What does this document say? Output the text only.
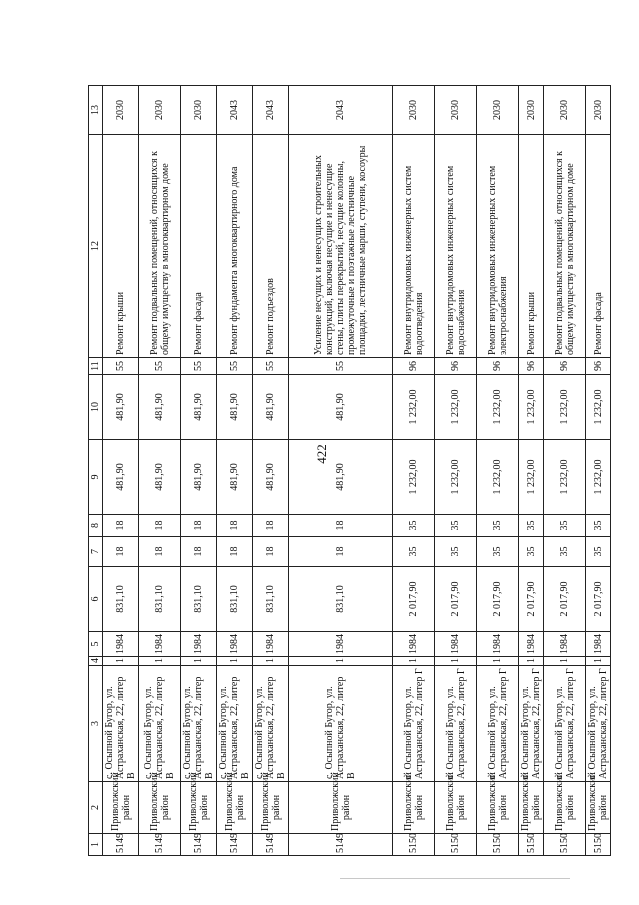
422
1	2	3	4	5	6	7	8	9	10	11	12	13
5149	Приволжский район	с. Осыпной Бугор, ул. Астраханская, 22, литер В	1	1984	831,10	18	18	481,90	481,90	55	Ремонт крыши	2030
5149	Приволжский район	с. Осыпной Бугор, ул. Астраханская, 22, литер В	1	1984	831,10	18	18	481,90	481,90	55	Ремонт подвальных помещений, относящихся к общему имуществу в многоквартирном доме	2030
5149	Приволжский район	с. Осыпной Бугор, ул. Астраханская, 22, литер В	1	1984	831,10	18	18	481,90	481,90	55	Ремонт фасада	2030
5149	Приволжский район	с. Осыпной Бугор, ул. Астраханская, 22, литер В	1	1984	831,10	18	18	481,90	481,90	55	Ремонт фундамента многоквартирного дома	2043
5149	Приволжский район	с. Осыпной Бугор, ул. Астраханская, 22, литер В	1	1984	831,10	18	18	481,90	481,90	55	Ремонт подъездов	2043
5149	Приволжский район	с. Осыпной Бугор, ул. Астраханская, 22, литер В	1	1984	831,10	18	18	481,90	481,90	55	Усиление несущих и ненесущих строительных конструкций, включая несущие и ненесущие стены, плиты перекрытий, несущие колонны, промежуточные и поэтажные лестничные площадки, лестничные марши, ступени, косоуры	2043
5150	Приволжский район	с. Осыпной Бугор, ул. Астраханская, 22, литер Г	1	1984	2 017,90	35	35	1 232,00	1 232,00	96	Ремонт внутридомовых инженерных систем водоотведения	2030
5150	Приволжский район	с. Осыпной Бугор, ул. Астраханская, 22, литер Г	1	1984	2 017,90	35	35	1 232,00	1 232,00	96	Ремонт внутридомовых инженерных систем водоснабжения	2030
5150	Приволжский район	с. Осыпной Бугор, ул. Астраханская, 22, литер Г	1	1984	2 017,90	35	35	1 232,00	1 232,00	96	Ремонт внутридомовых инженерных систем электроснабжения	2030
5150	Приволжский район	с. Осыпной Бугор, ул. Астраханская, 22, литер Г	1	1984	2 017,90	35	35	1 232,00	1 232,00	96	Ремонт крыши	2030
5150	Приволжский район	с. Осыпной Бугор, ул. Астраханская, 22, литер Г	1	1984	2 017,90	35	35	1 232,00	1 232,00	96	Ремонт подвальных помещений, относящихся к общему имуществу в многоквартирном доме	2030
5150	Приволжский район	с. Осыпной Бугор, ул. Астраханская, 22, литер Г	1	1984	2 017,90	35	35	1 232,00	1 232,00	96	Ремонт фасада	2030
